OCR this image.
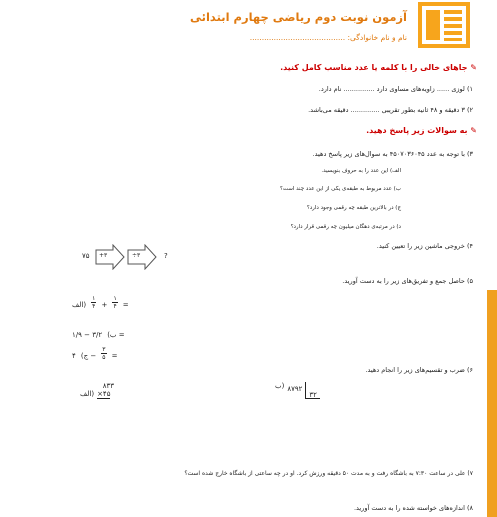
آزمون نوبت دوم ریاضی چهارم ابتدائی
نام و نام خانوادگی: ........................................
✎ جاهای خالی را با کلمه یا عدد مناسب کامل کنید.
۱) لوزی ...... زاویه‌های مساوی دارد ............... نام دارد.
۲) ۳ دقیقه و ۴۸ ثانیه بطور تقریبی .............. دقیقه می‌باشد.
✎ به سوالات زیر پاسخ دهید.
۳) با توجه به عدد ۴۵۰۷۰۳۶۰۴۵ به سوال‌های زیر پاسخ دهید.
الف) این عدد را به حروف بنویسید.
ب) عدد مربوط به طبقه‌ی یکی از این عدد چند است؟
ج) در بالاترین طبقه چه رقمی وجود دارد؟
د) در مرتبه‌ی دهگان میلیون چه رقمی قرار دارد؟
۴) خروجی ماشین زیر را تعیین کنید.
۷۵ +۳	÷۳	?
۵) حاصل جمع و تفریق‌های زیر را به دست آورید.
الف) $\frac{۱}{۴} + \frac{۱}{۴}$ =
ب) ۳/۲ − ۱/۹ =
ج) ۴ − $\frac{۳}{۵}$ =
۶) ضرب و تقسیم‌های زیر را انجام دهید.
۸۳۳
الف) ×۴۵
ب) ۸۷۹۲
۳۲
۷) علی در ساعت ۷:۳۰ به باشگاه رفت و به مدت ۵۰ دقیقه ورزش کرد. او در چه ساعتی از باشگاه خارج شده است؟
۸) اندازه‌های خواسته شده را به دست آورید.
